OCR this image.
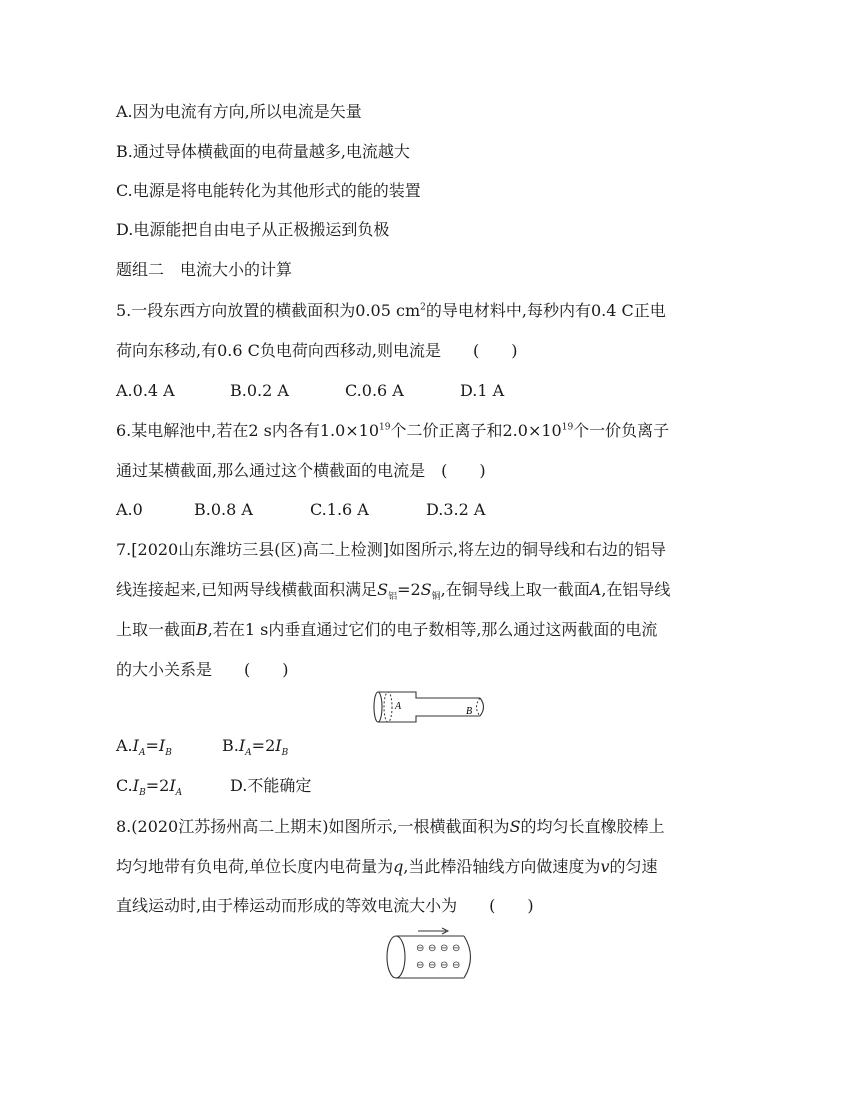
A.因为电流有方向,所以电流是矢量
B.通过导体横截面的电荷量越多,电流越大
C.电源是将电能转化为其他形式的能的装置
D.电源能把自由电子从正极搬运到负极
题组二　电流大小的计算
5.一段东西方向放置的横截面积为0.05 $cm^2$的导电材料中,每秒内有0.4 C正电
荷向东移动,有0.6 C负电荷向西移动,则电流是　　(　　)
A.0.4 A	B.0.2 A	C.0.6 A	D.1 A
6.某电解池中,若在2 s内各有$1.0\times 10^{19}$个二价正离子和$2.0\times 10^{19}$个一价负离子
通过某横截面,那么通过这个横截面的电流是　(　　)
A.0	B.0.8 A	C.1.6 A	D.3.2 A
7.[2020山东潍坊三县(区)高二上检测]如图所示,将左边的铜导线和右边的铝导
线连接起来,已知两导线横截面积满足$S_铝=2S_铜$,在铜导线上取一截面A,在铝导线
上取一截面B,若在1 s内垂直通过它们的电子数相等,那么通过这两截面的电流
的大小关系是　　(　　)
A	B
$A.I_A=I_B$	$B.I_A=2I_B$
$C.I_B=2I_A$	D.不能确定
8.(2020江苏扬州高二上期末)如图所示,一根横截面积为S的均匀长直橡胶棒上
均匀地带有负电荷,单位长度内电荷量为q,当此棒沿轴线方向做速度为v的匀速
直线运动时,由于棒运动而形成的等效电流大小为　　(　　)
⊖ ⊖ ⊖ ⊖
⊖ ⊖ ⊖ ⊖
